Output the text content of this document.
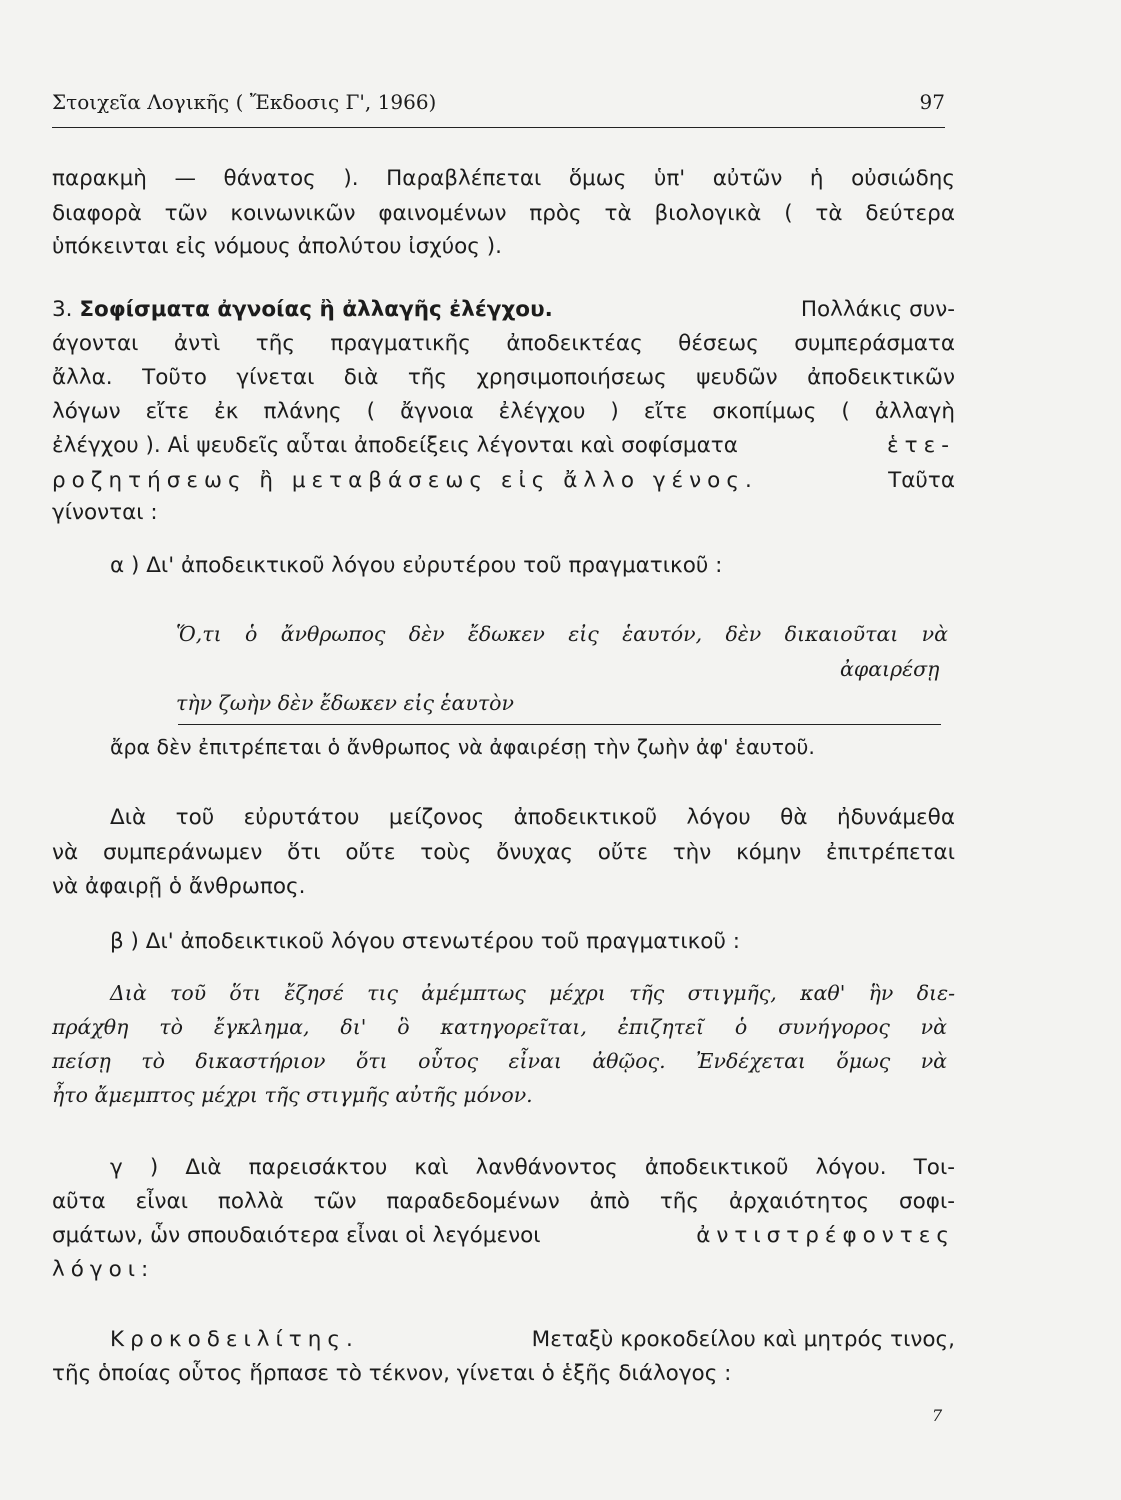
Στοιχεῖα Λογικῆς ( Ἔκδοσις Γ', 1966)	97
παρακμὴ — θάνατος ). Παραβλέπεται ὅμως ὑπ' αὐτῶν ἡ οὐσιώδης
διαφορὰ τῶν κοινωνικῶν φαινομένων πρὸς τὰ βιολογικὰ ( τὰ δεύτερα
ὑπόκεινται εἰς νόμους ἀπολύτου ἰσχύος ).
3. Σοφίσματα ἀγνοίας ἢ ἀλλαγῆς ἐλέγχου.	Πολλάκις συν-
άγονται ἀντὶ τῆς πραγματικῆς ἀποδεικτέας θέσεως συμπεράσματα
ἄλλα. Τοῦτο γίνεται διὰ τῆς χρησιμοποιήσεως ψευδῶν ἀποδεικτικῶν
λόγων εἴτε ἐκ πλάνης ( ἄγνοια ἐλέγχου ) εἴτε σκοπίμως ( ἀλλαγὴ
ἐλέγχου ). Αἱ ψευδεῖς αὗται ἀποδείξεις λέγονται καὶ σοφίσματα	ἑτε-
ροζητήσεως ἢ μεταβάσεως εἰς ἄλλο γένος.	Ταῦτα
γίνονται :
α ) Δι' ἀποδεικτικοῦ λόγου εὐρυτέρου τοῦ πραγματικοῦ :
Ὅ,τι ὁ ἄνθρωπος δὲν ἔδωκεν εἰς ἑαυτόν, δὲν δικαιοῦται νὰ
ἀφαιρέσῃ
τὴν ζωὴν δὲν ἔδωκεν εἰς ἑαυτὸν
ἄρα δὲν ἐπιτρέπεται ὁ ἄνθρωπος νὰ ἀφαιρέσῃ τὴν ζωὴν ἀφ' ἑαυτοῦ.
Διὰ τοῦ εὐρυτάτου μείζονος ἀποδεικτικοῦ λόγου θὰ ἠδυνάμεθα
νὰ συμπεράνωμεν ὅτι οὔτε τοὺς ὄνυχας οὔτε τὴν κόμην ἐπιτρέπεται
νὰ ἀφαιρῇ ὁ ἄνθρωπος.
β ) Δι' ἀποδεικτικοῦ λόγου στενωτέρου τοῦ πραγματικοῦ :
Διὰ τοῦ ὅτι ἔζησέ τις ἀμέμπτως μέχρι τῆς στιγμῆς, καθ' ἣν διε-
πράχθη τὸ ἔγκλημα, δι' ὃ κατηγορεῖται, ἐπιζητεῖ ὁ συνήγορος νὰ
πείσῃ τὸ δικαστήριον ὅτι οὗτος εἶναι ἀθῷος. Ἐνδέχεται ὅμως νὰ
ἦτο ἄμεμπτος μέχρι τῆς στιγμῆς αὐτῆς μόνον.
γ ) Διὰ παρεισάκτου καὶ λανθάνοντος ἀποδεικτικοῦ λόγου. Τοι-
αῦτα εἶναι πολλὰ τῶν παραδεδομένων ἀπὸ τῆς ἀρχαιότητος σοφι-
σμάτων, ὧν σπουδαιότερα εἶναι οἱ λεγόμενοι	ἀντιστρέφοντες
λόγοι:
Κροκοδειλίτης.	Μεταξὺ κροκοδείλου καὶ μητρός τινος,
τῆς ὁποίας οὗτος ἥρπασε τὸ τέκνον, γίνεται ὁ ἑξῆς διάλογος :
7
